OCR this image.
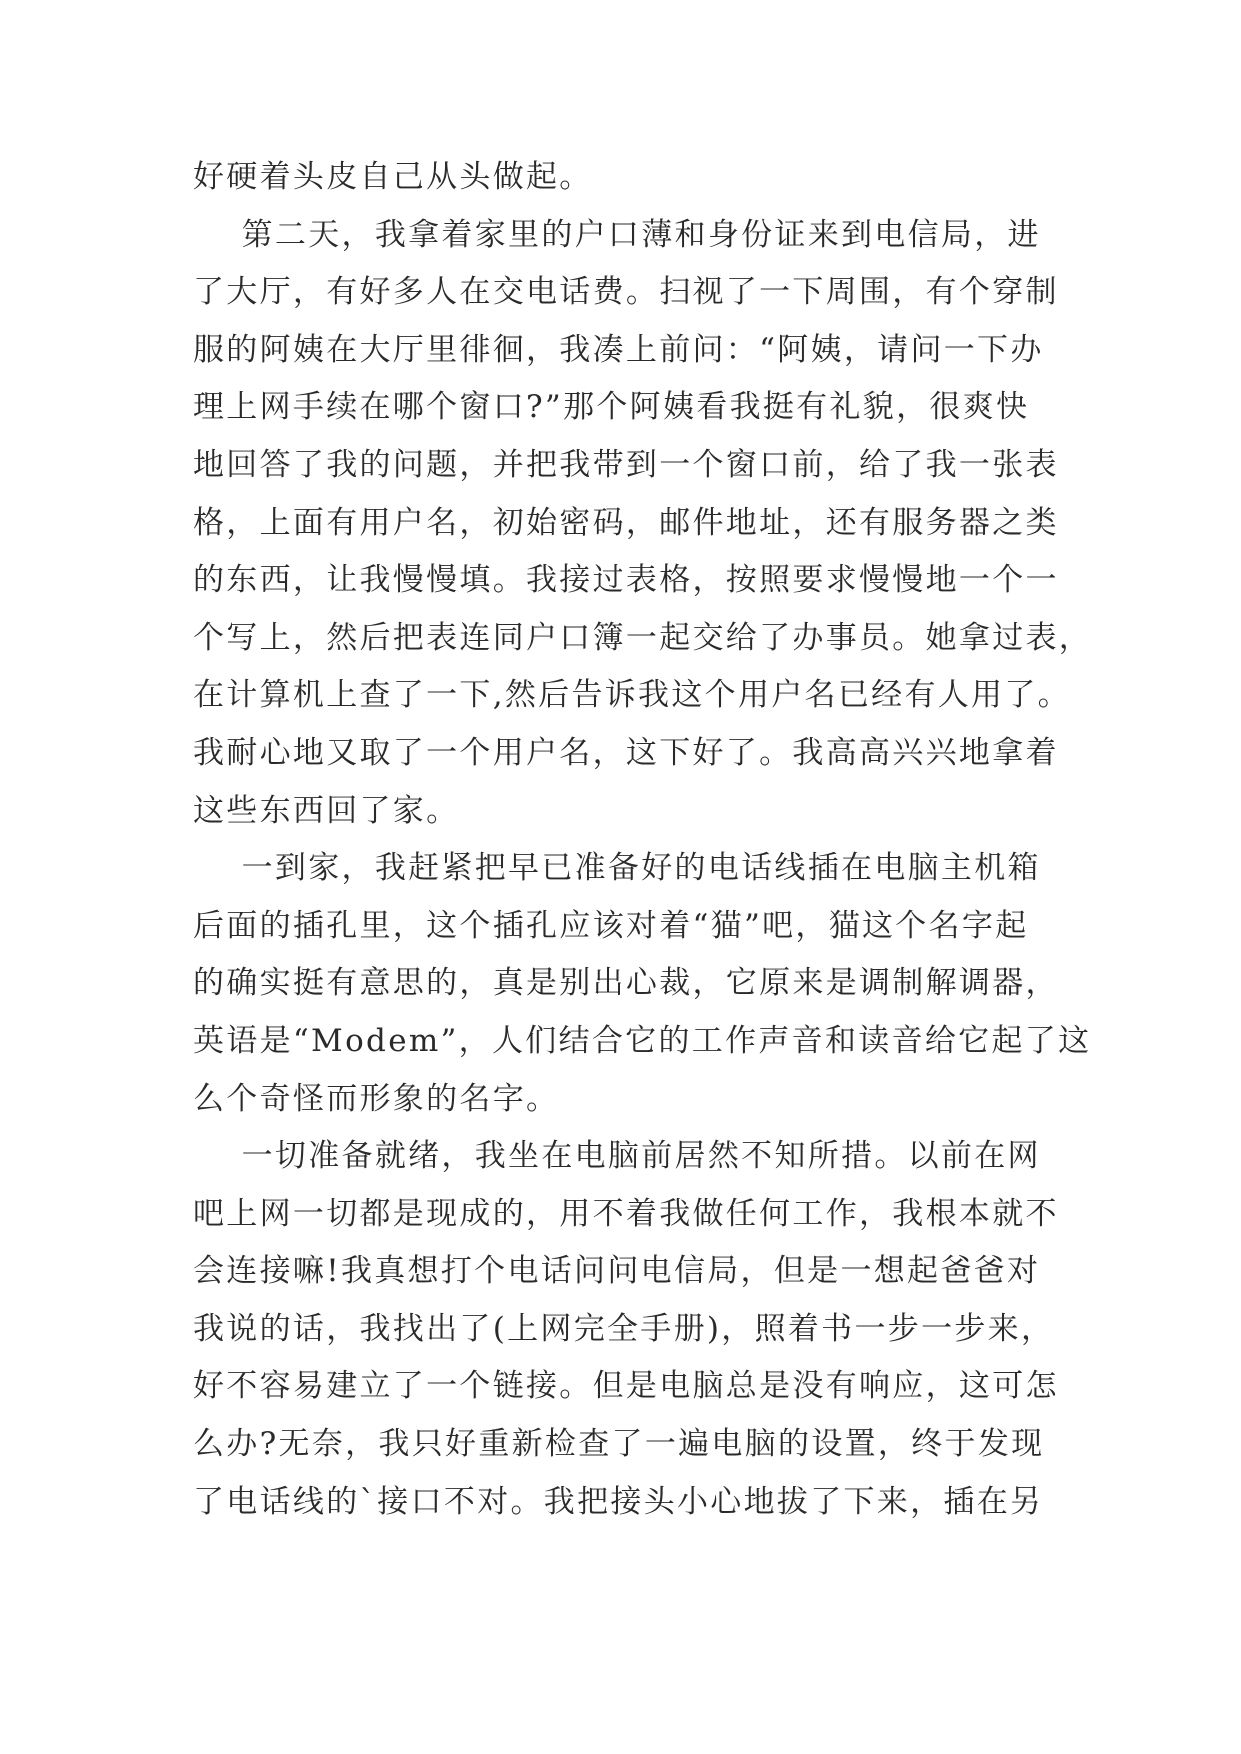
好硬着头皮自己从头做起。
第二天，我拿着家里的户口薄和身份证来到电信局，进
了大厅，有好多人在交电话费。扫视了一下周围，有个穿制
服的阿姨在大厅里徘徊，我凑上前问：“阿姨，请问一下办
理上网手续在哪个窗口?”那个阿姨看我挺有礼貌，很爽快
地回答了我的问题，并把我带到一个窗口前，给了我一张表
格，上面有用户名，初始密码，邮件地址，还有服务器之类
的东西，让我慢慢填。我接过表格，按照要求慢慢地一个一
个写上，然后把表连同户口簿一起交给了办事员。她拿过表，
在计算机上查了一下,然后告诉我这个用户名已经有人用了。
我耐心地又取了一个用户名，这下好了。我高高兴兴地拿着
这些东西回了家。
一到家，我赶紧把早已准备好的电话线插在电脑主机箱
后面的插孔里，这个插孔应该对着“猫”吧，猫这个名字起
的确实挺有意思的，真是别出心裁，它原来是调制解调器，
英语是“Modem”，人们结合它的工作声音和读音给它起了这
么个奇怪而形象的名字。
一切准备就绪，我坐在电脑前居然不知所措。以前在网
吧上网一切都是现成的，用不着我做任何工作，我根本就不
会连接嘛!我真想打个电话问问电信局，但是一想起爸爸对
我说的话，我找出了(上网完全手册)，照着书一步一步来，
好不容易建立了一个链接。但是电脑总是没有响应，这可怎
么办?无奈，我只好重新检查了一遍电脑的设置，终于发现
了电话线的`接口不对。我把接头小心地拔了下来，插在另
